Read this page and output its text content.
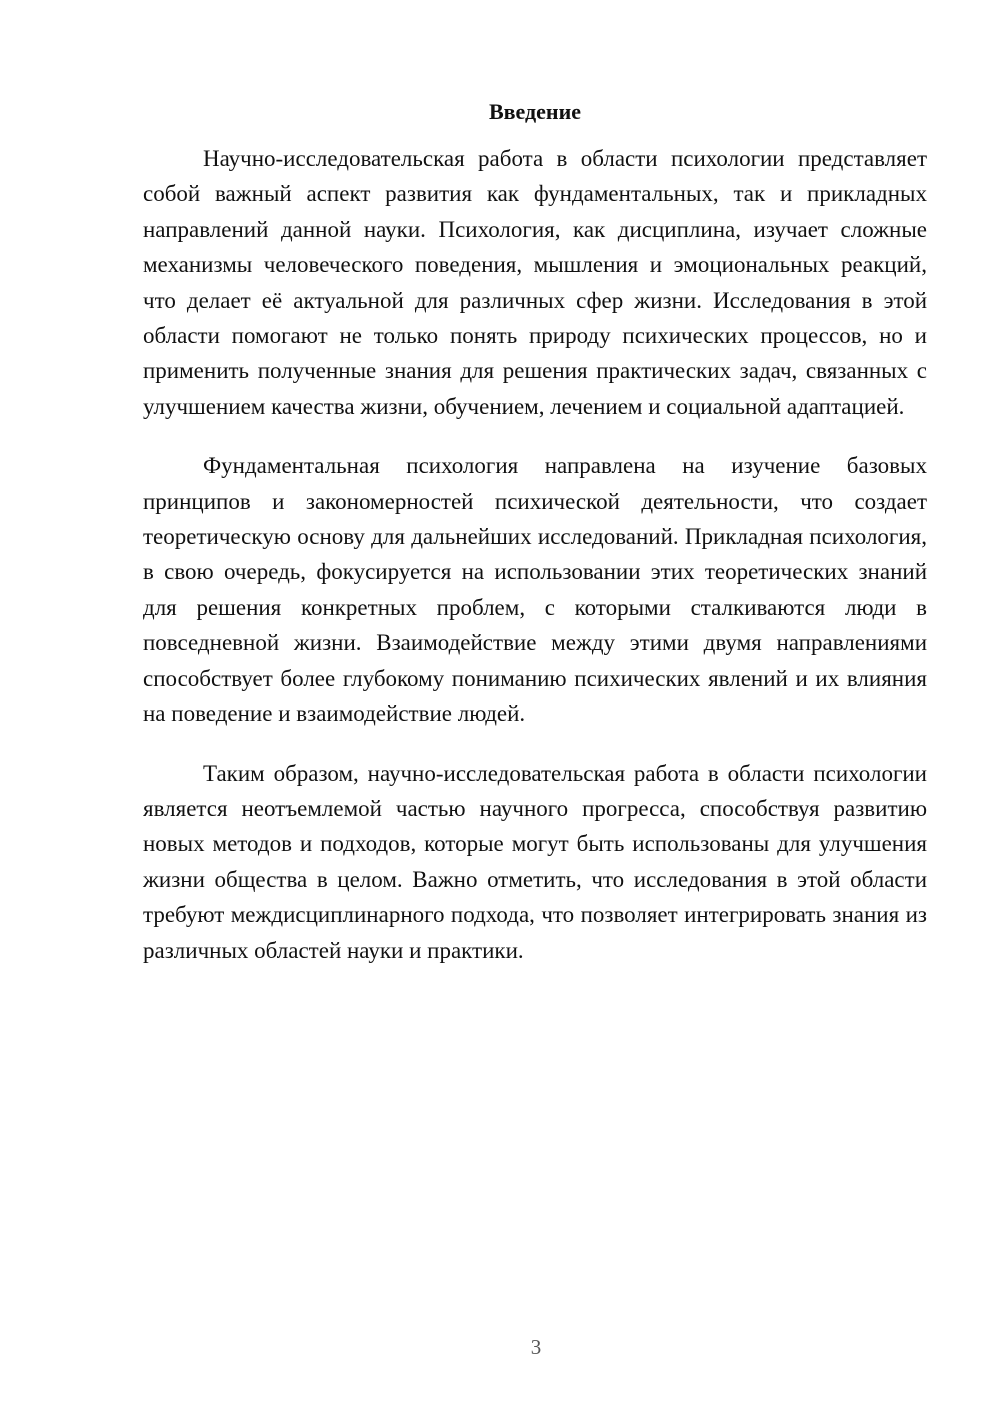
Введение

Научно-исследовательская работа в области психологии представляет собой важный аспект развития как фундаментальных, так и прикладных направлений данной науки. Психология, как дисциплина, изучает сложные механизмы человеческого поведения, мышления и эмоциональных реакций, что делает её актуальной для различных сфер жизни. Исследования в этой области помогают не только понять природу психических процессов, но и применить полученные знания для решения практических задач, связанных с улучшением качества жизни, обучением, лечением и социальной адаптацией.

Фундаментальная психология направлена на изучение базовых принципов и закономерностей психической деятельности, что создает теоретическую основу для дальнейших исследований. Прикладная психология, в свою очередь, фокусируется на использовании этих теоретических знаний для решения конкретных проблем, с которыми сталкиваются люди в повседневной жизни. Взаимодействие между этими двумя направлениями способствует более глубокому пониманию психических явлений и их влияния на поведение и взаимодействие людей.

Таким образом, научно-исследовательская работа в области психологии является неотъемлемой частью научного прогресса, способствуя развитию новых методов и подходов, которые могут быть использованы для улучшения жизни общества в целом. Важно отметить, что исследования в этой области требуют междисциплинарного подхода, что позволяет интегрировать знания из различных областей науки и практики.

3
